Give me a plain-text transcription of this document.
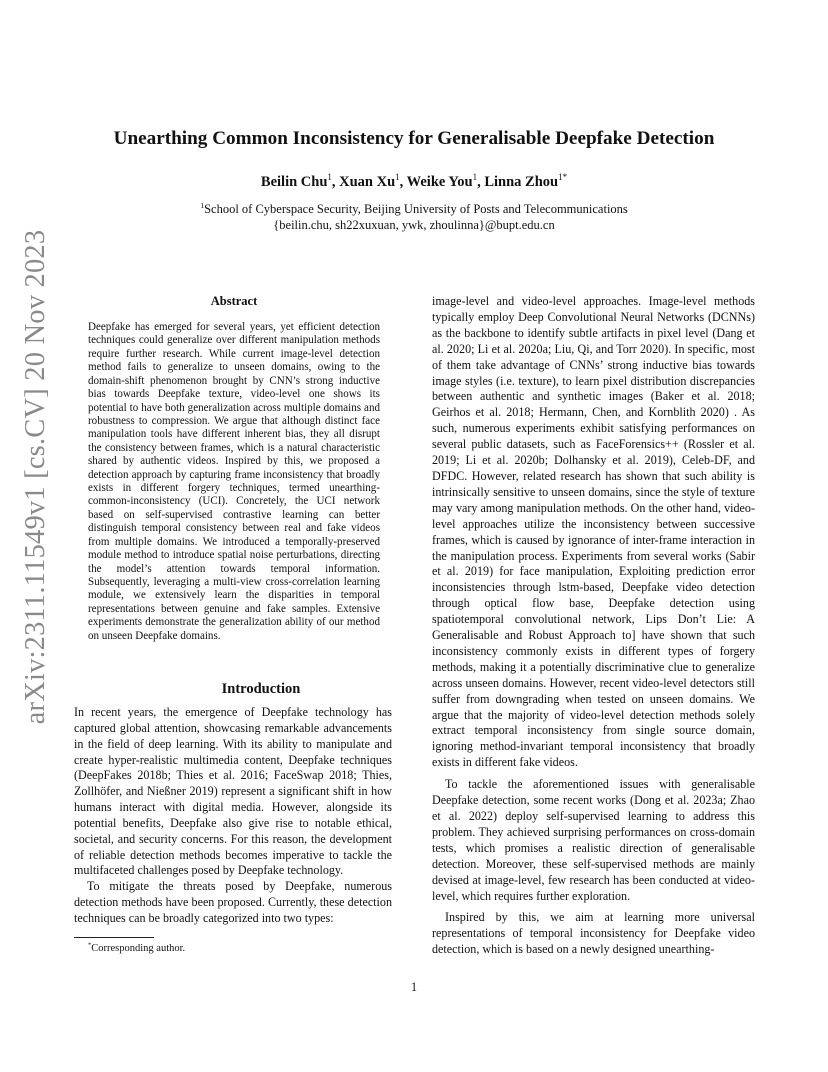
arXiv:2311.11549v1 [cs.CV] 20 Nov 2023
Unearthing Common Inconsistency for Generalisable Deepfake Detection
Beilin Chu$^1$, Xuan Xu$^1$, Weike You$^1$, Linna Zhou$^{1*}$
$^1$School of Cyberspace Security, Beijing University of Posts and Telecommunications
{beilin.chu, sh22xuxuan, ywk, zhoulinna}@bupt.edu.cn
Abstract

Deepfake has emerged for several years, yet efficient detection techniques could generalize over different manipulation methods require further research. While current image-level detection method fails to generalize to unseen domains, owing to the domain-shift phenomenon brought by CNN’s strong inductive bias towards Deepfake texture, video-level one shows its potential to have both generalization across multiple domains and robustness to compression. We argue that although distinct face manipulation tools have different inherent bias, they all disrupt the consistency between frames, which is a natural characteristic shared by authentic videos. Inspired by this, we proposed a detection approach by capturing frame inconsistency that broadly exists in different forgery techniques, termed unearthing-common-inconsistency (UCI). Concretely, the UCI network based on self-supervised contrastive learning can better distinguish temporal consistency between real and fake videos from multiple domains. We introduced a temporally-preserved module method to introduce spatial noise perturbations, directing the model’s attention towards temporal information. Subsequently, leveraging a multi-view cross-correlation learning module, we extensively learn the disparities in temporal representations between genuine and fake samples. Extensive experiments demonstrate the generalization ability of our method on unseen Deepfake domains.

Introduction

In recent years, the emergence of Deepfake technology has captured global attention, showcasing remarkable advancements in the field of deep learning. With its ability to manipulate and create hyper-realistic multimedia content, Deepfake techniques (DeepFakes 2018b; Thies et al. 2016; FaceSwap 2018; Thies, Zollhöfer, and Nießner 2019) represent a significant shift in how humans interact with digital media. However, alongside its potential benefits, Deepfake also give rise to notable ethical, societal, and security concerns. For this reason, the development of reliable detection methods becomes imperative to tackle the multifaceted challenges posed by Deepfake technology.

To mitigate the threats posed by Deepfake, numerous detection methods have been proposed. Currently, these detection techniques can be broadly categorized into two types:

image-level and video-level approaches. Image-level methods typically employ Deep Convolutional Neural Networks (DCNNs) as the backbone to identify subtle artifacts in pixel level (Dang et al. 2020; Li et al. 2020a; Liu, Qi, and Torr 2020). In specific, most of them take advantage of CNNs’ strong inductive bias towards image styles (i.e. texture), to learn pixel distribution discrepancies between authentic and synthetic images (Baker et al. 2018; Geirhos et al. 2018; Hermann, Chen, and Kornblith 2020) . As such, numerous experiments exhibit satisfying performances on several public datasets, such as FaceForensics++ (Rossler et al. 2019; Li et al. 2020b; Dolhansky et al. 2019), Celeb-DF, and DFDC. However, related research has shown that such ability is intrinsically sensitive to unseen domains, since the style of texture may vary among manipulation methods. On the other hand, video-level approaches utilize the inconsistency between successive frames, which is caused by ignorance of inter-frame interaction in the manipulation process. Experiments from several works (Sabir et al. 2019) for face manipulation, Exploiting prediction error inconsistencies through lstm-based, Deepfake video detection through optical flow base, Deepfake detection using spatiotemporal convolutional network, Lips Don’t Lie: A Generalisable and Robust Approach to] have shown that such inconsistency commonly exists in different types of forgery methods, making it a potentially discriminative clue to generalize across unseen domains. However, recent video-level detectors still suffer from downgrading when tested on unseen domains. We argue that the majority of video-level detection methods solely extract temporal inconsistency from single source domain, ignoring method-invariant temporal inconsistency that broadly exists in different fake videos.

To tackle the aforementioned issues with generalisable Deepfake detection, some recent works (Dong et al. 2023a; Zhao et al. 2022) deploy self-supervised learning to address this problem. They achieved surprising performances on cross-domain tests, which promises a realistic direction of generalisable detection. Moreover, these self-supervised methods are mainly devised at image-level, few research has been conducted at video-level, which requires further exploration.

Inspired by this, we aim at learning more universal representations of temporal inconsistency for Deepfake video detection, which is based on a newly designed unearthing-

*Corresponding author.
1
